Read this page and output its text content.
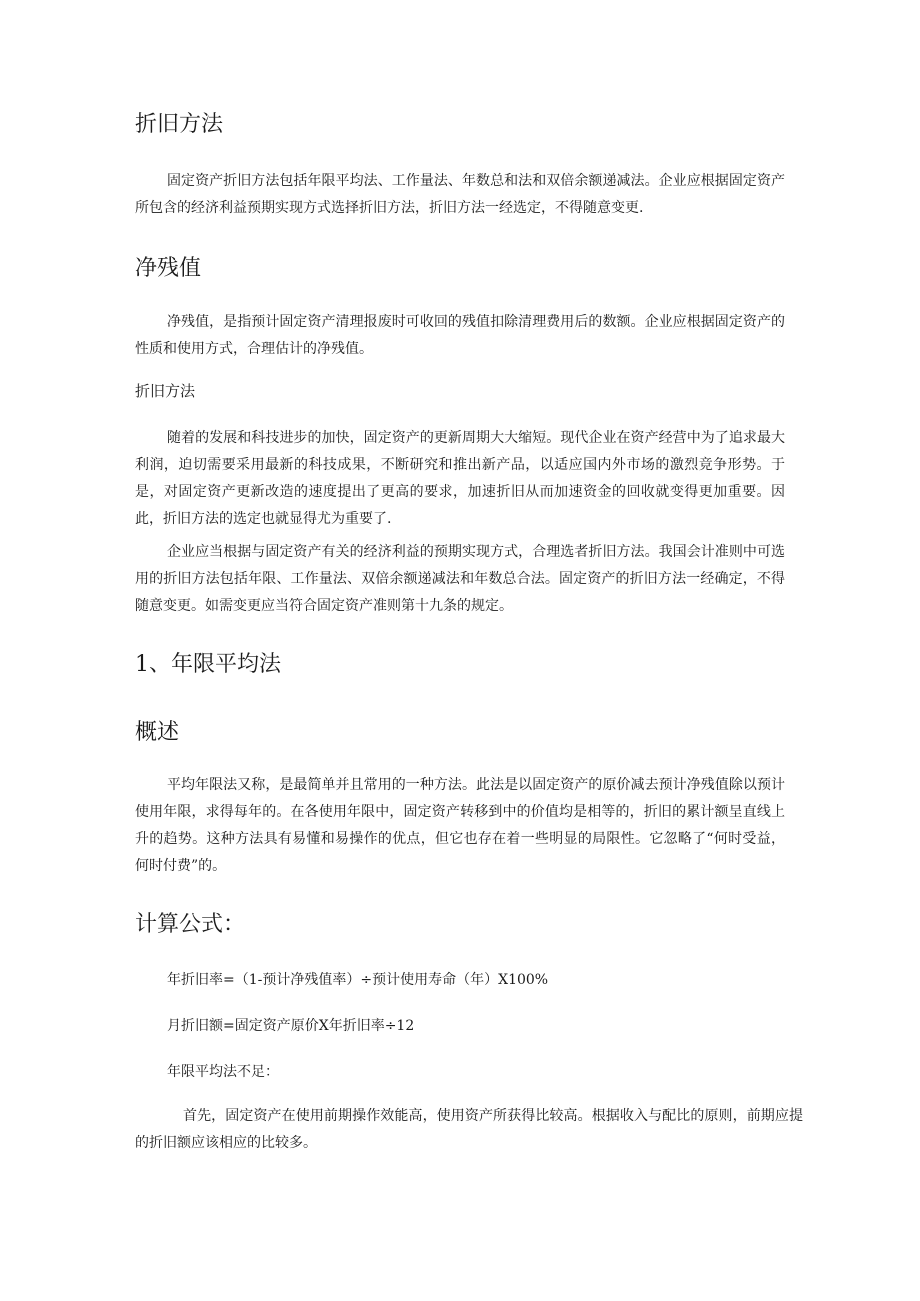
折旧方法

固定资产折旧方法包括年限平均法、工作量法、年数总和法和双倍余额递减法。企业应根据固定资产所包含的经济利益预期实现方式选择折旧方法，折旧方法一经选定，不得随意变更.

净残值

净残值，是指预计固定资产清理报废时可收回的残值扣除清理费用后的数额。企业应根据固定资产的性质和使用方式，合理估计的净残值。

折旧方法

随着的发展和科技进步的加快，固定资产的更新周期大大缩短。现代企业在资产经营中为了追求最大利润，迫切需要采用最新的科技成果，不断研究和推出新产品，以适应国内外市场的激烈竞争形势。于是，对固定资产更新改造的速度提出了更高的要求，加速折旧从而加速资金的回收就变得更加重要。因此，折旧方法的选定也就显得尤为重要了.

企业应当根据与固定资产有关的经济利益的预期实现方式，合理选者折旧方法。我国会计准则中可选用的折旧方法包括年限、工作量法、双倍余额递减法和年数总合法。固定资产的折旧方法一经确定，不得随意变更。如需变更应当符合固定资产准则第十九条的规定。

1、年限平均法
概述

平均年限法又称，是最简单并且常用的一种方法。此法是以固定资产的原价减去预计净残值除以预计使用年限，求得每年的。在各使用年限中，固定资产转移到中的价值均是相等的，折旧的累计额呈直线上升的趋势。这种方法具有易懂和易操作的优点，但它也存在着一些明显的局限性。它忽略了“何时受益，何时付费”的。

计算公式：

年折旧率=（1-预计净残值率）÷预计使用寿命（年）X100%

月折旧额=固定资产原价X年折旧率÷12

年限平均法不足：

首先，固定资产在使用前期操作效能高，使用资产所获得比较高。根据收入与配比的原则，前期应提的折旧额应该相应的比较多。
